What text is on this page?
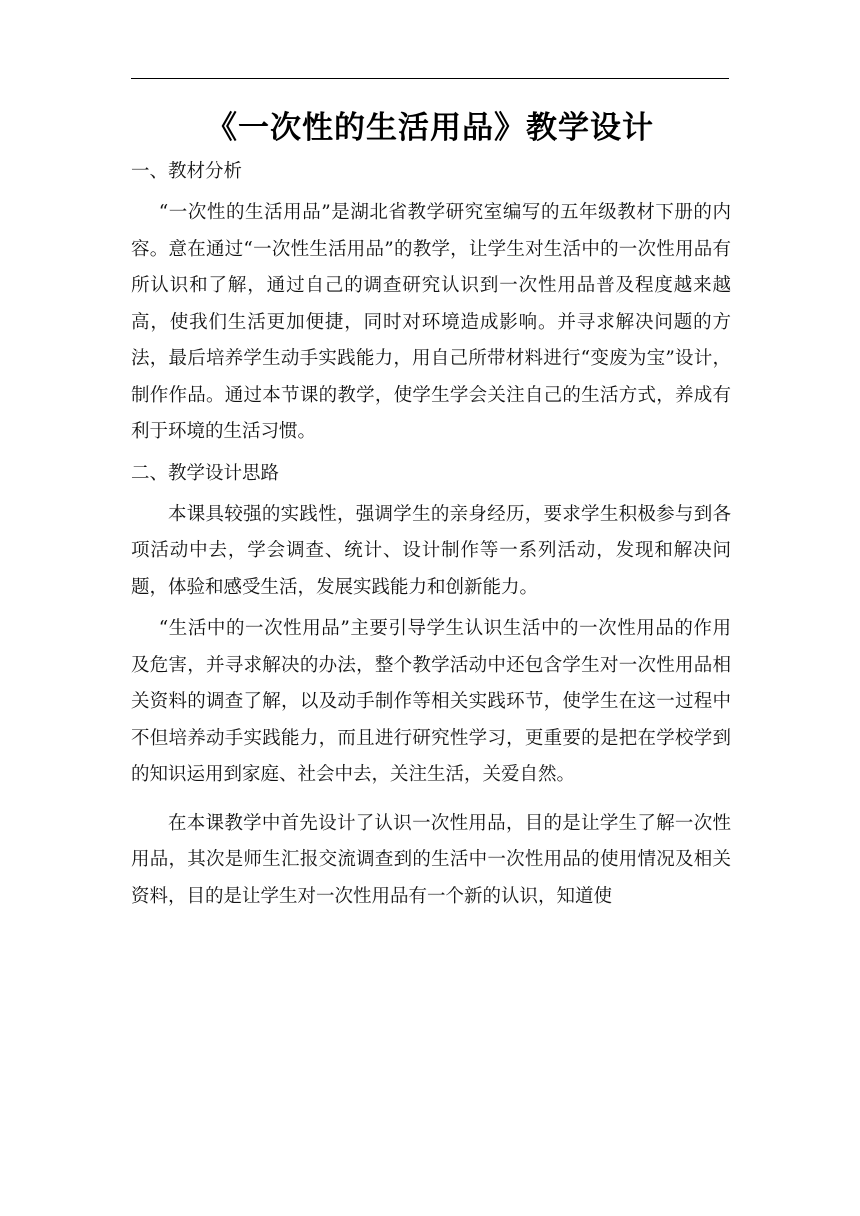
《一次性的生活用品》教学设计
一、教材分析

“一次性的生活用品”是湖北省教学研究室编写的五年级教材下册的内容。意在通过“一次性生活用品”的教学，让学生对生活中的一次性用品有所认识和了解，通过自己的调查研究认识到一次性用品普及程度越来越高，使我们生活更加便捷，同时对环境造成影响。并寻求解决问题的方法，最后培养学生动手实践能力，用自己所带材料进行“变废为宝”设计，制作作品。通过本节课的教学，使学生学会关注自己的生活方式，养成有利于环境的生活习惯。

二、教学设计思路

本课具较强的实践性，强调学生的亲身经历，要求学生积极参与到各项活动中去，学会调查、统计、设计制作等一系列活动，发现和解决问题，体验和感受生活，发展实践能力和创新能力。

“生活中的一次性用品”主要引导学生认识生活中的一次性用品的作用及危害，并寻求解决的办法，整个教学活动中还包含学生对一次性用品相关资料的调查了解，以及动手制作等相关实践环节，使学生在这一过程中不但培养动手实践能力，而且进行研究性学习，更重要的是把在学校学到的知识运用到家庭、社会中去，关注生活，关爱自然。

在本课教学中首先设计了认识一次性用品，目的是让学生了解一次性用品，其次是师生汇报交流调查到的生活中一次性用品的使用情况及相关资料，目的是让学生对一次性用品有一个新的认识，知道使
